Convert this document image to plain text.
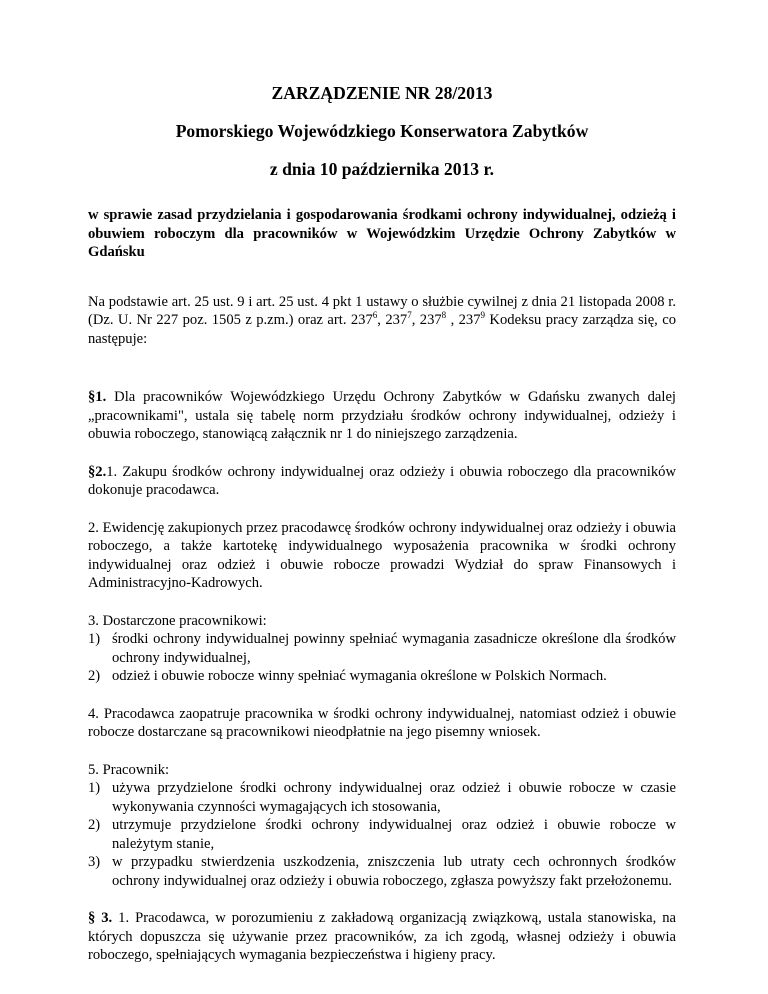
ZARZĄDZENIE NR 28/2013

Pomorskiego Wojewódzkiego Konserwatora Zabytków

z dnia 10 października 2013 r.

w sprawie zasad przydzielania i gospodarowania środkami ochrony indywidualnej, odzieżą i obuwiem roboczym dla pracowników w Wojewódzkim Urzędzie Ochrony Zabytków w Gdańsku

Na podstawie art. 25 ust. 9 i art. 25 ust. 4 pkt 1 ustawy o służbie cywilnej z dnia 21 listopada 2008 r. (Dz. U. Nr 227 poz. 1505 z p.zm.) oraz art. $237^6$, $237^7$, $237^8$ , $237^9$ Kodeksu pracy zarządza się, co następuje:

§1. Dla pracowników Wojewódzkiego Urzędu Ochrony Zabytków w Gdańsku zwanych dalej „pracownikami", ustala się tabelę norm przydziału środków ochrony indywidualnej, odzieży i obuwia roboczego, stanowiącą załącznik nr 1 do niniejszego zarządzenia.

§2.1. Zakupu środków ochrony indywidualnej oraz odzieży i obuwia roboczego dla pracowników dokonuje pracodawca.

2. Ewidencję zakupionych przez pracodawcę środków ochrony indywidualnej oraz odzieży i obuwia roboczego, a także kartotekę indywidualnego wyposażenia pracownika w środki ochrony indywidualnej oraz odzież i obuwie robocze prowadzi Wydział do spraw Finansowych i Administracyjno-Kadrowych.

3. Dostarczone pracownikowi:

1) środki ochrony indywidualnej powinny spełniać wymagania zasadnicze określone dla środków ochrony indywidualnej,
2) odzież i obuwie robocze winny spełniać wymagania określone w Polskich Normach.

4. Pracodawca zaopatruje pracownika w środki ochrony indywidualnej, natomiast odzież i obuwie robocze dostarczane są pracownikowi nieodpłatnie na jego pisemny wniosek.

5. Pracownik:

1) używa przydzielone środki ochrony indywidualnej oraz odzież i obuwie robocze w czasie wykonywania czynności wymagających ich stosowania,
2) utrzymuje przydzielone środki ochrony indywidualnej oraz odzież i obuwie robocze w należytym stanie,
3) w przypadku stwierdzenia uszkodzenia, zniszczenia lub utraty cech ochronnych środków ochrony indywidualnej oraz odzieży i obuwia roboczego, zgłasza powyższy fakt przełożonemu.

§ 3. 1. Pracodawca, w porozumieniu z zakładową organizacją związkową, ustala stanowiska, na których dopuszcza się używanie przez pracowników, za ich zgodą, własnej odzieży i obuwia roboczego, spełniających wymagania bezpieczeństwa i higieny pracy.
